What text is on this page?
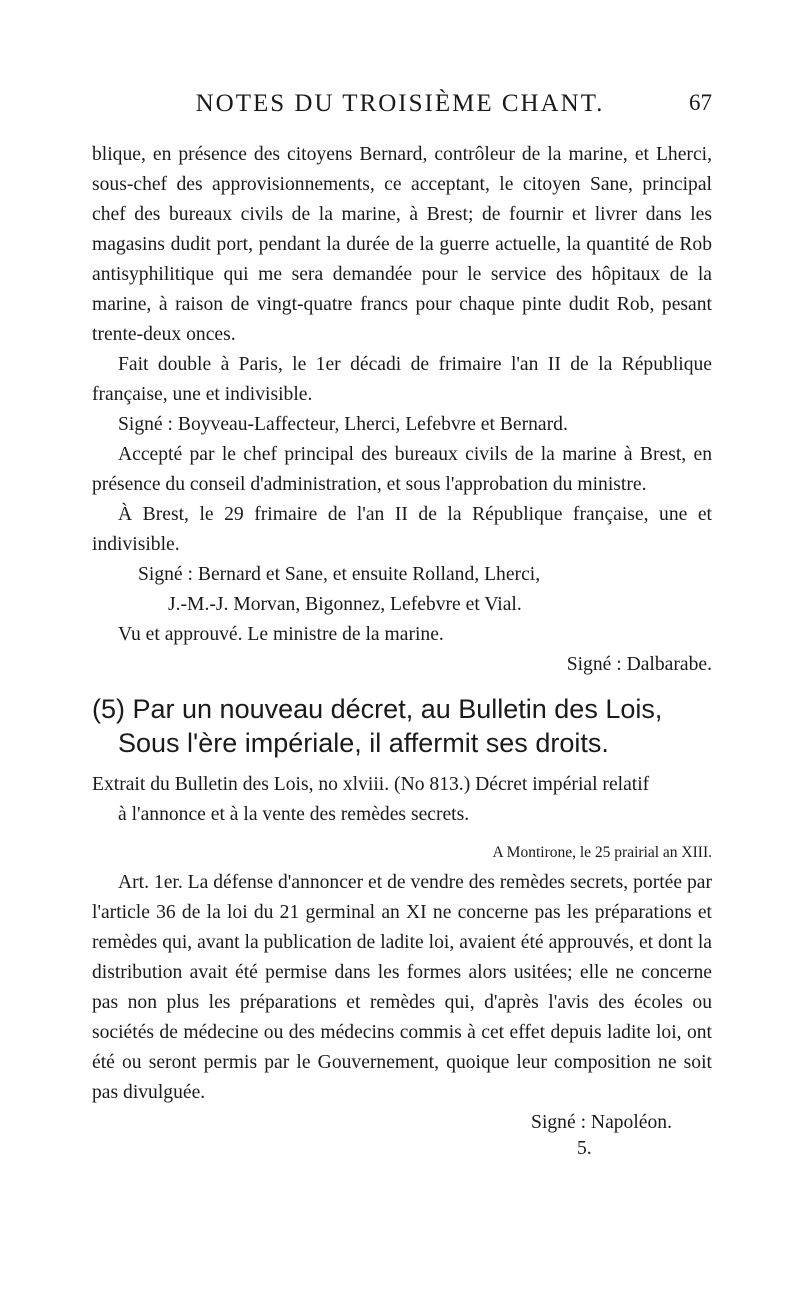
NOTES DU TROISIÈME CHANT.	67

blique, en présence des citoyens Bernard, contrôleur de la marine, et Lherci, sous-chef des approvisionnements, ce acceptant, le citoyen Sane, principal chef des bureaux civils de la marine, à Brest; de fournir et livrer dans les magasins dudit port, pendant la durée de la guerre actuelle, la quantité de Rob antisyphilitique qui me sera demandée pour le service des hôpitaux de la marine, à raison de vingt-quatre francs pour chaque pinte dudit Rob, pesant trente-deux onces.

Fait double à Paris, le 1er décadi de frimaire l'an II de la République française, une et indivisible.

Signé : Boyveau-Laffecteur, Lherci, Lefebvre et Bernard.

Accepté par le chef principal des bureaux civils de la marine à Brest, en présence du conseil d'administration, et sous l'approbation du ministre.

À Brest, le 29 frimaire de l'an II de la République française, une et indivisible.

Signé : Bernard et Sane, et ensuite Rolland, Lherci,

J.-M.-J. Morvan, Bigonnez, Lefebvre et Vial.

Vu et approuvé. Le ministre de la marine.

Signé : Dalbarabe.

(5) Par un nouveau décret, au Bulletin des Lois,
Sous l'ère impériale, il affermit ses droits.

Extrait du Bulletin des Lois, no xlviii. (No 813.) Décret impérial relatif
à l'annonce et à la vente des remèdes secrets.

A Montirone, le 25 prairial an XIII.

Art. 1er. La défense d'annoncer et de vendre des remèdes secrets, portée par l'article 36 de la loi du 21 germinal an XI ne concerne pas les préparations et remèdes qui, avant la publication de ladite loi, avaient été approuvés, et dont la distribution avait été permise dans les formes alors usitées; elle ne concerne pas non plus les préparations et remèdes qui, d'après l'avis des écoles ou sociétés de médecine ou des médecins commis à cet effet depuis ladite loi, ont été ou seront permis par le Gouvernement, quoique leur composition ne soit pas divulguée.

Signé : Napoléon.

5.
